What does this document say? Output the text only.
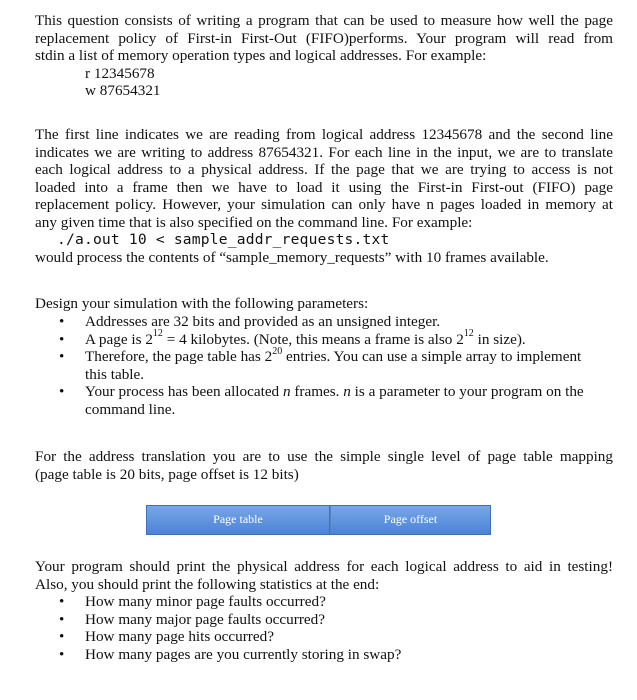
This question consists of writing a program that can be used to measure how well the page
replacement policy of First-in First-Out (FIFO)performs. Your program will read from
stdin a list of memory operation types and logical addresses. For example:
r 12345678
w 87654321
The first line indicates we are reading from logical address 12345678 and the second line
indicates we are writing to address 87654321. For each line in the input, we are to translate
each logical address to a physical address. If the page that we are trying to access is not
loaded into a frame then we have to load it using the First-in First-out (FIFO) page
replacement policy. However, your simulation can only have n pages loaded in memory at
any given time that is also specified on the command line. For example:
./a.out 10 < sample_addr_requests.txt
would process the contents of “sample_memory_requests” with 10 frames available.
Design your simulation with the following parameters:
• Addresses are 32 bits and provided as an unsigned integer.
• A page is $2^{12} = 4$ kilobytes. (Note, this means a frame is also $2^{12}$ in size).
• Therefore, the page table has $2^{20}$ entries. You can use a simple array to implement
this table.
• Your process has been allocated n frames. n is a parameter to your program on the
command line.
For the address translation you are to use the simple single level of page table mapping
(page table is 20 bits, page offset is 12 bits)
Page table	Page offset
Your program should print the physical address for each logical address to aid in testing!
Also, you should print the following statistics at the end:
• How many minor page faults occurred?
• How many major page faults occurred?
• How many page hits occurred?
• How many pages are you currently storing in swap?
